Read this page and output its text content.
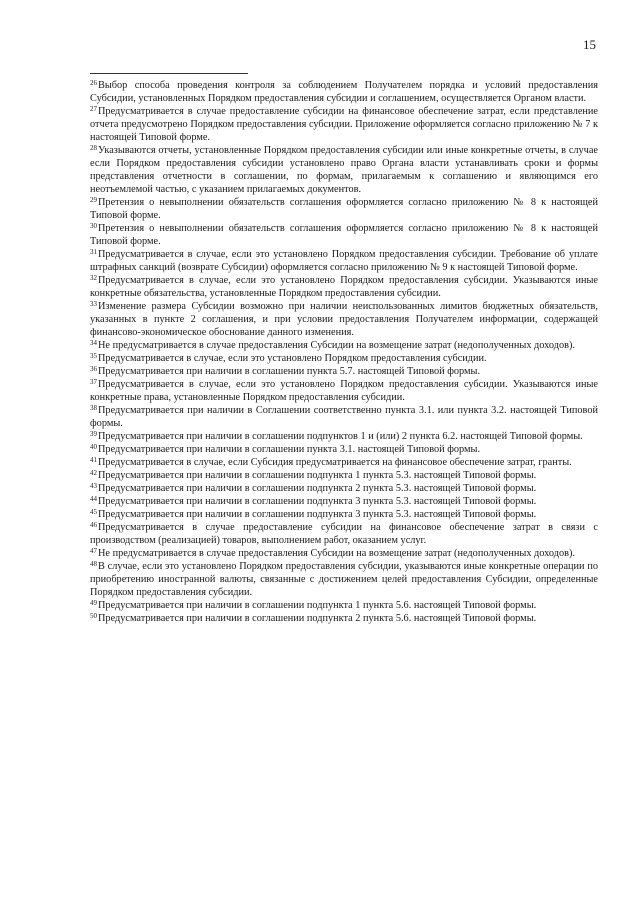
15

$^{26}$Выбор способа проведения контроля за соблюдением Получателем порядка и условий предоставления Субсидии, установленных Порядком предоставления субсидии и соглашением, осуществляется Органом власти.

$^{27}$Предусматривается в случае предоставление субсидии на финансовое обеспечение затрат, если представление отчета предусмотрено Порядком предоставления субсидии. Приложение оформляется согласно приложению № 7 к настоящей Типовой форме.

$^{28}$Указываются отчеты, установленные Порядком предоставления субсидии или иные конкретные отчеты, в случае если Порядком предоставления субсидии установлено право Органа власти устанавливать сроки и формы представления отчетности в соглашении, по формам, прилагаемым к соглашению и являющимся его неотъемлемой частью, с указанием прилагаемых документов.

$^{29}$Претензия о невыполнении обязательств соглашения оформляется согласно приложению № 8 к настоящей Типовой форме.

$^{30}$Претензия о невыполнении обязательств соглашения оформляется согласно приложению № 8 к настоящей Типовой форме.

$^{31}$Предусматривается в случае, если это установлено Порядком предоставления субсидии. Требование об уплате штрафных санкций (возврате Субсидии) оформляется согласно приложению № 9 к настоящей Типовой форме.

$^{32}$Предусматривается в случае, если это установлено Порядком предоставления субсидии. Указываются иные конкретные обязательства, установленные Порядком предоставления субсидии.

$^{33}$Изменение размера Субсидии возможно при наличии неиспользованных лимитов бюджетных обязательств, указанных в пункте 2 соглашения, и при условии предоставления Получателем информации, содержащей финансово-экономическое обоснование данного изменения.

$^{34}$Не предусматривается в случае предоставления Субсидии на возмещение затрат (недополученных доходов).

$^{35}$Предусматривается в случае, если это установлено Порядком предоставления субсидии.

$^{36}$Предусматривается при наличии в соглашении пункта 5.7. настоящей Типовой формы.

$^{37}$Предусматривается в случае, если это установлено Порядком предоставления субсидии. Указываются иные конкретные права, установленные Порядком предоставления субсидии.

$^{38}$Предусматривается при наличии в Соглашении соответственно пункта 3.1. или пункта 3.2. настоящей Типовой формы.

$^{39}$Предусматривается при наличии в соглашении подпунктов 1 и (или) 2 пункта 6.2. настоящей Типовой формы.

$^{40}$Предусматривается при наличии в соглашении пункта 3.1. настоящей Типовой формы.

$^{41}$Предусматривается в случае, если Субсидия предусматривается на финансовое обеспечение затрат, гранты.

$^{42}$Предусматривается при наличии в соглашении подпункта 1 пункта 5.3. настоящей Типовой формы.

$^{43}$Предусматривается при наличии в соглашении подпункта 2 пункта 5.3. настоящей Типовой формы.

$^{44}$Предусматривается при наличии в соглашении подпункта 3 пункта 5.3. настоящей Типовой формы.

$^{45}$Предусматривается при наличии в соглашении подпункта 3 пункта 5.3. настоящей Типовой формы.

$^{46}$Предусматривается в случае предоставление субсидии на финансовое обеспечение затрат в связи с производством (реализацией) товаров, выполнением работ, оказанием услуг.

$^{47}$Не предусматривается в случае предоставления Субсидии на возмещение затрат (недополученных доходов).

$^{48}$В случае, если это установлено Порядком предоставления субсидии, указываются иные конкретные операции по приобретению иностранной валюты, связанные с достижением целей предоставления Субсидии, определенные Порядком предоставления субсидии.

$^{49}$Предусматривается при наличии в соглашении подпункта 1 пункта 5.6. настоящей Типовой формы.

$^{50}$Предусматривается при наличии в соглашении подпункта 2 пункта 5.6. настоящей Типовой формы.
